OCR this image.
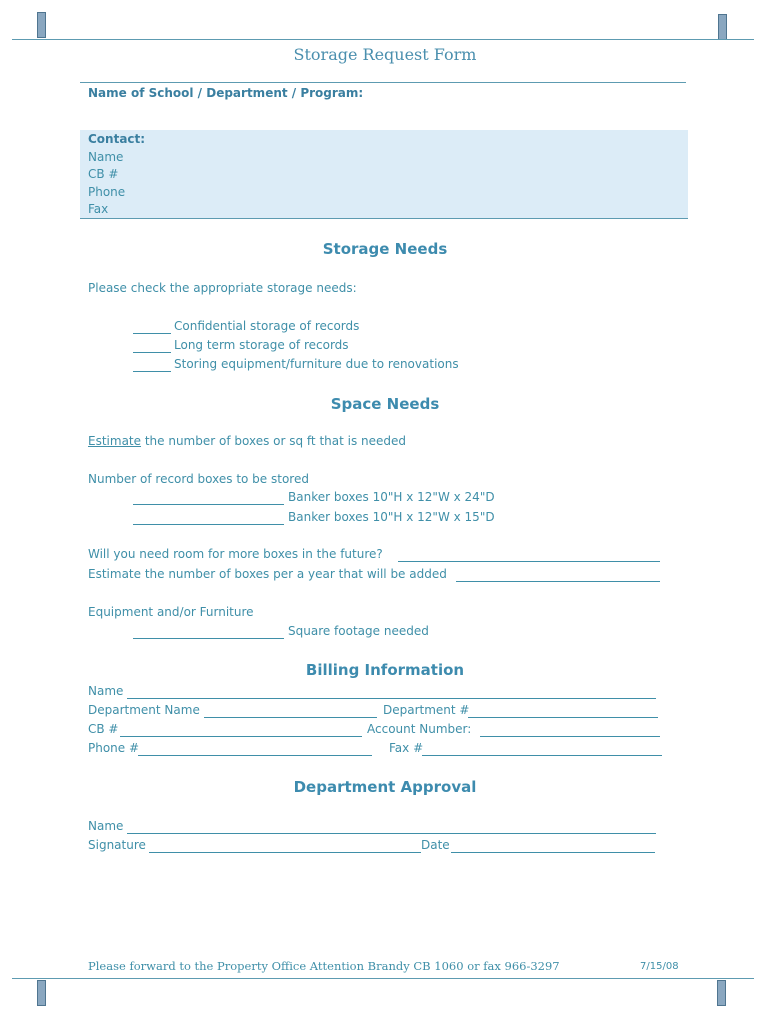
Storage Request Form
Name of School / Department / Program:
Contact:
Name
CB #
Phone
Fax
Storage Needs
Please check the appropriate storage needs:
Confidential storage of records
Long term storage of records
Storing equipment/furniture due to renovations
Space Needs
Estimate the number of boxes or sq ft that is needed
Number of record boxes to be stored
Banker boxes 10"H x 12"W x 24"D
Banker boxes 10"H x 12"W x 15"D
Will you need room for more boxes in the future?
Estimate the number of boxes per a year that will be added
Equipment and/or Furniture
Square footage needed
Billing Information
Name
Department Name	Department #
CB #	Account Number:
Phone #	Fax #
Department Approval
Name
Signature	Date
Please forward to the Property Office Attention Brandy CB 1060 or fax 966-3297	7/15/08
